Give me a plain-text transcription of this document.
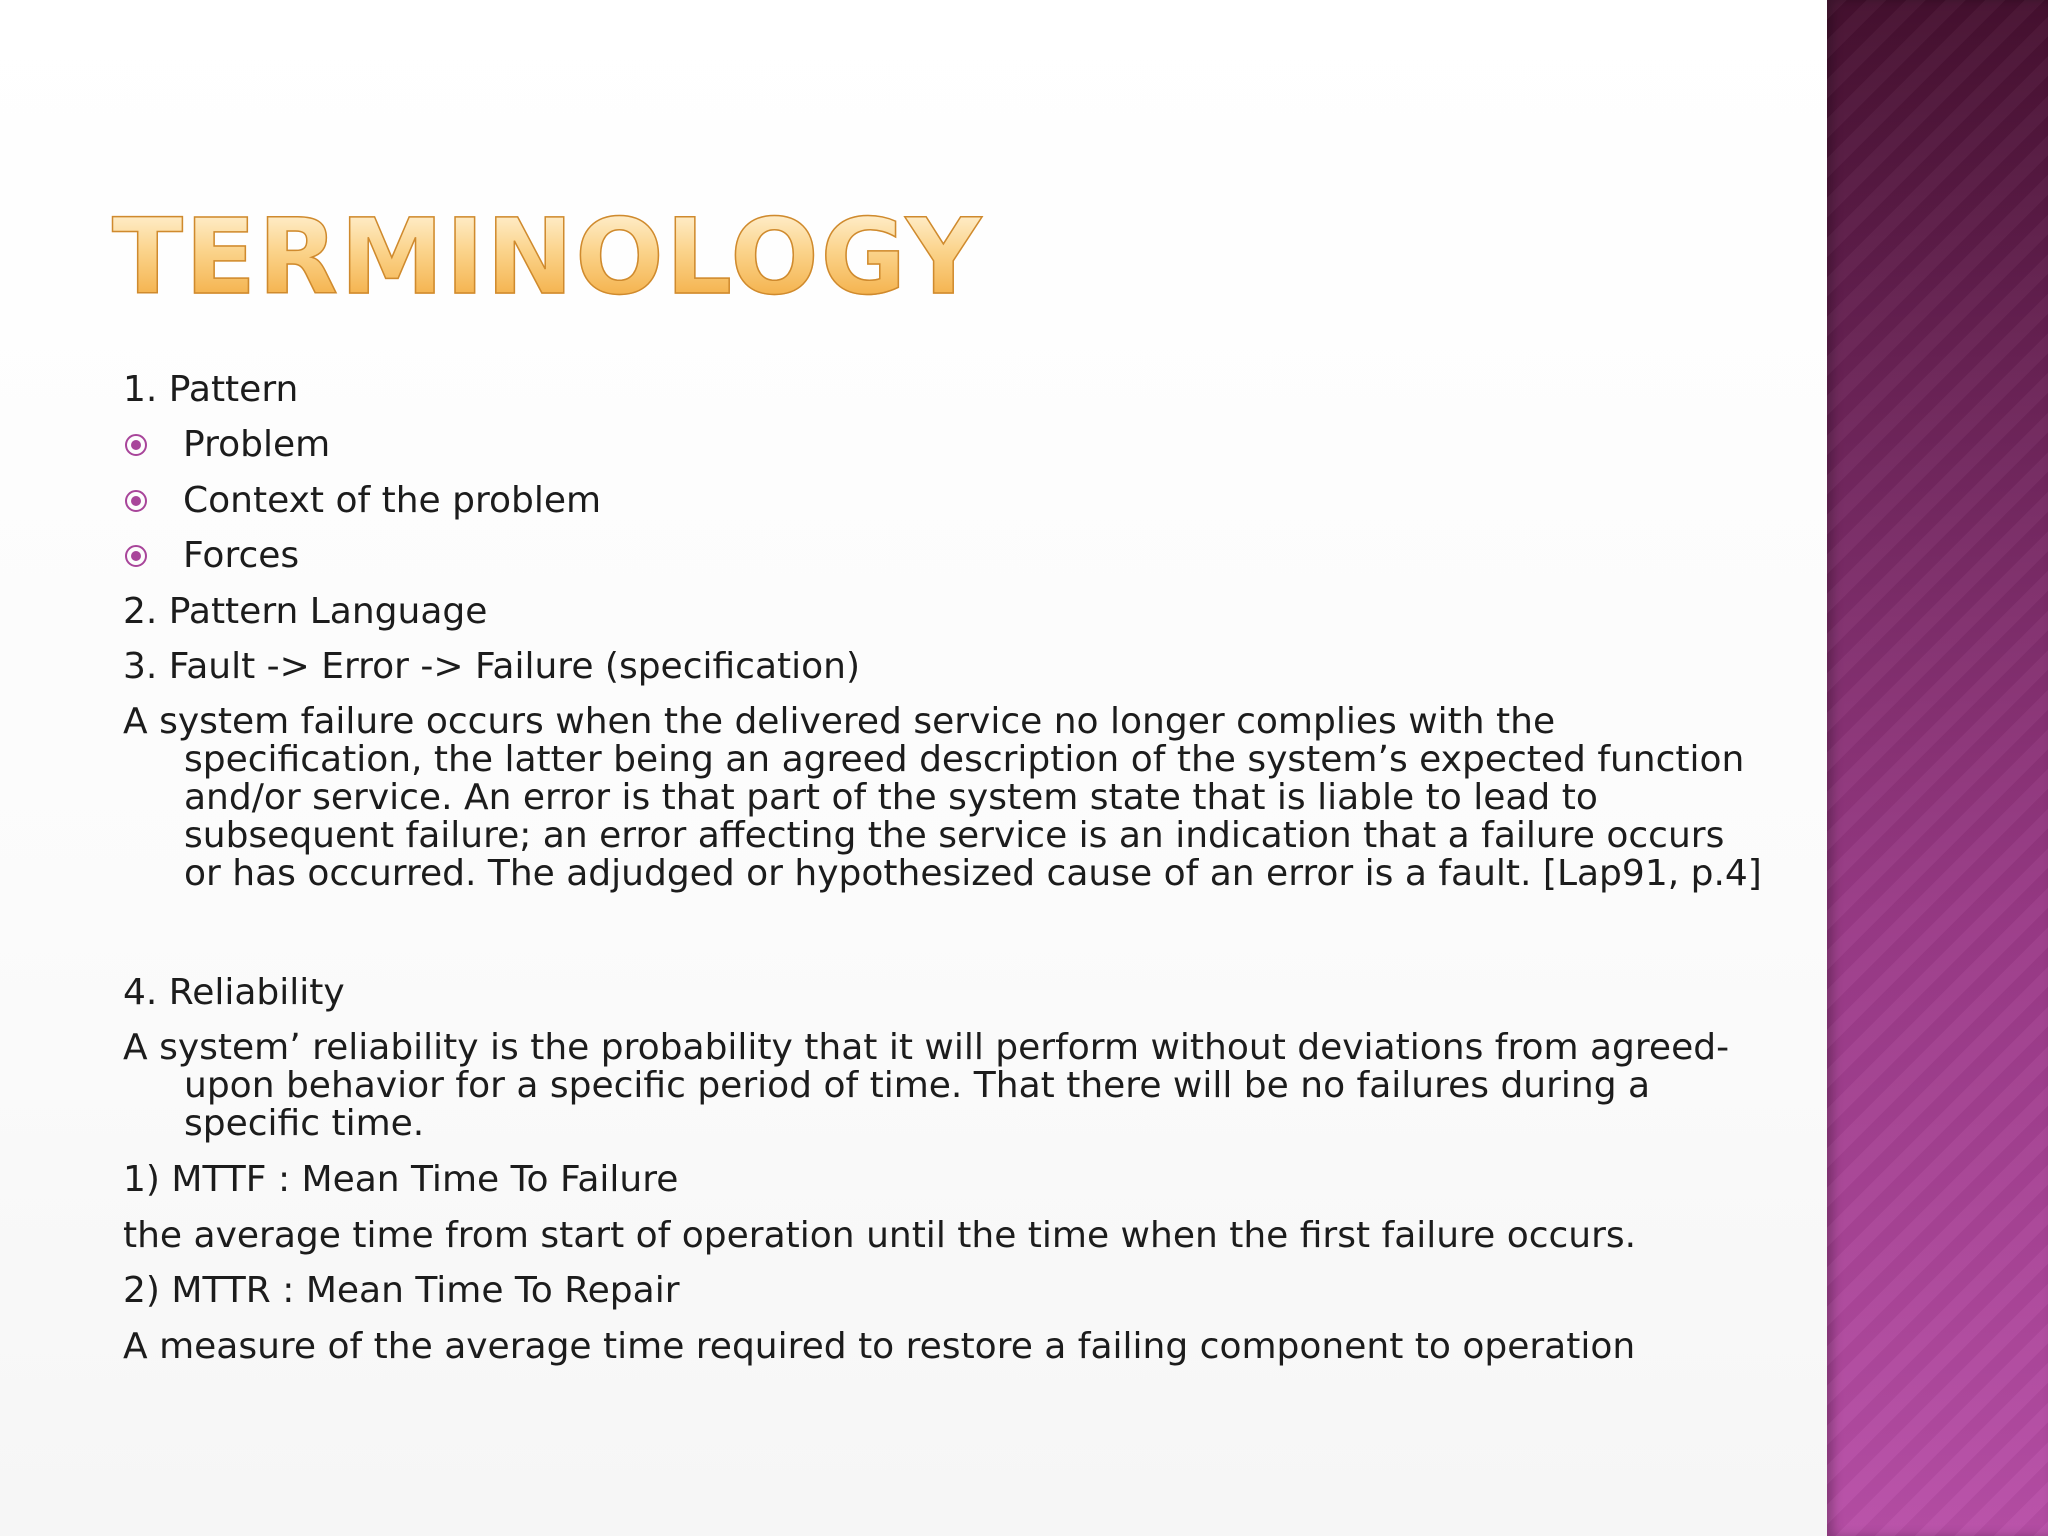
TERMINOLOGY
1. Pattern
Problem
Context of the problem
Forces
2. Pattern Language
3. Fault -> Error -> Failure (specification)

A system failure occurs when the delivered service no longer complies with the specification, the latter being an agreed description of the system’s expected function and/or service. An error is that part of the system state that is liable to lead to subsequent failure; an error affecting the service is an indication that a failure occurs or has occurred. The adjudged or hypothesized cause of an error is a fault. [Lap91, p.4]

4. Reliability

A system’ reliability is the probability that it will perform without deviations from agreed-upon behavior for a specific period of time. That there will be no failures during a specific time.

1) MTTF : Mean Time To Failure
the average time from start of operation until the time when the first failure occurs.
2) MTTR : Mean Time To Repair
A measure of the average time required to restore a failing component to operation
